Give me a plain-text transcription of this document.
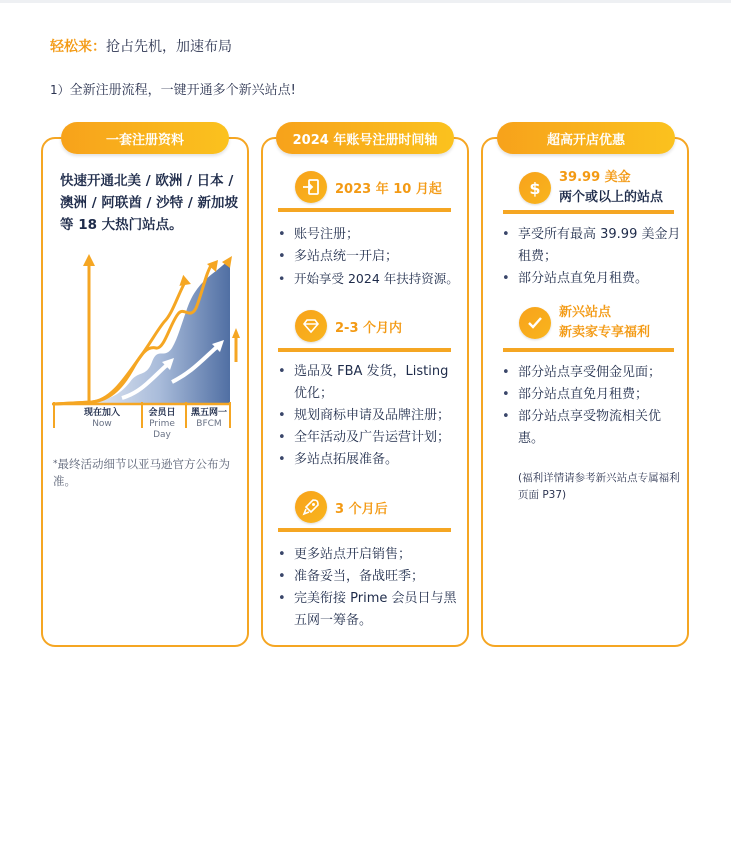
轻松来：抢占先机，加速布局
1）全新注册流程，一键开通多个新兴站点!
一套注册资料
快速开通北美 / 欧洲 / 日本 / 澳洲 / 阿联酋 / 沙特 / 新加坡等 18 大热门站点。
现在加入
Now
会员日
Prime Day
黑五网一
BFCM
*最终活动细节以亚马逊官方公布为准。
2024 年账号注册时间轴
2023 年 10 月起
• 账号注册；
• 多站点统一开启；
• 开始享受 2024 年扶持资源。
2-3 个月内
• 选品及 FBA 发货，Listing 优化；
• 规划商标申请及品牌注册；
• 全年活动及广告运营计划；
• 多站点拓展准备。
3 个月后
• 更多站点开启销售；
• 准备妥当，备战旺季；
• 完美衔接 Prime 会员日与黑五网一筹备。
超高开店优惠
$
39.99 美金
两个或以上的站点
• 享受所有最高 39.99 美金月租费；
• 部分站点直免月租费。
新兴站点
新卖家专享福利
• 部分站点享受佣金见面；
• 部分站点直免月租费；
• 部分站点享受物流相关优惠。
(福利详情请参考新兴站点专属福利页面 P37)
